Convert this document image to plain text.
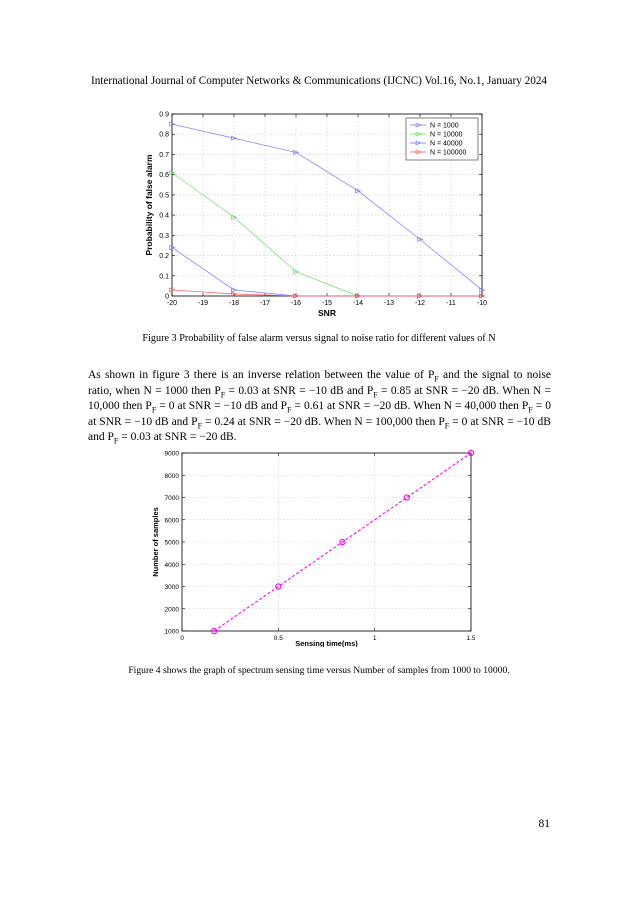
International Journal of Computer Networks & Communications (IJCNC) Vol.16, No.1, January 2024
-20	-19	-18	-17	-16	-15	-14	-13	-12	-11	-10
0
0.1
0.2
0.3
0.4
0.5
0.6
0.7
0.8
0.9
SNR
Probability of false alarm
N = 1000
N = 10000
N = 40000
N = 100000
Figure 3 Probability of false alarm versus signal to noise ratio for different values of N
As shown in figure 3 there is an inverse relation between the value of $P_F$ and the signal to noise ratio, when N = 1000 then $P_F = 0.03$ at SNR = −10 dB and $P_F = 0.85$ at SNR = −20 dB. When N = 10,000 then $P_F = 0$ at SNR = −10 dB and $P_F = 0.61$ at SNR = −20 dB. When N = 40,000 then $P_F = 0$ at SNR = −10 dB and $P_F = 0.24$ at SNR = −20 dB. When N = 100,000 then $P_F = 0$ at SNR = −10 dB and $P_F = 0.03$ at SNR = −20 dB.
0	0.5	1	1.5
1000
2000
3000
4000
5000
6000
7000
8000
9000
Sensing time(ms)
Number of samples
Figure 4 shows the graph of spectrum sensing time versus Number of samples from 1000 to 10000.
81
